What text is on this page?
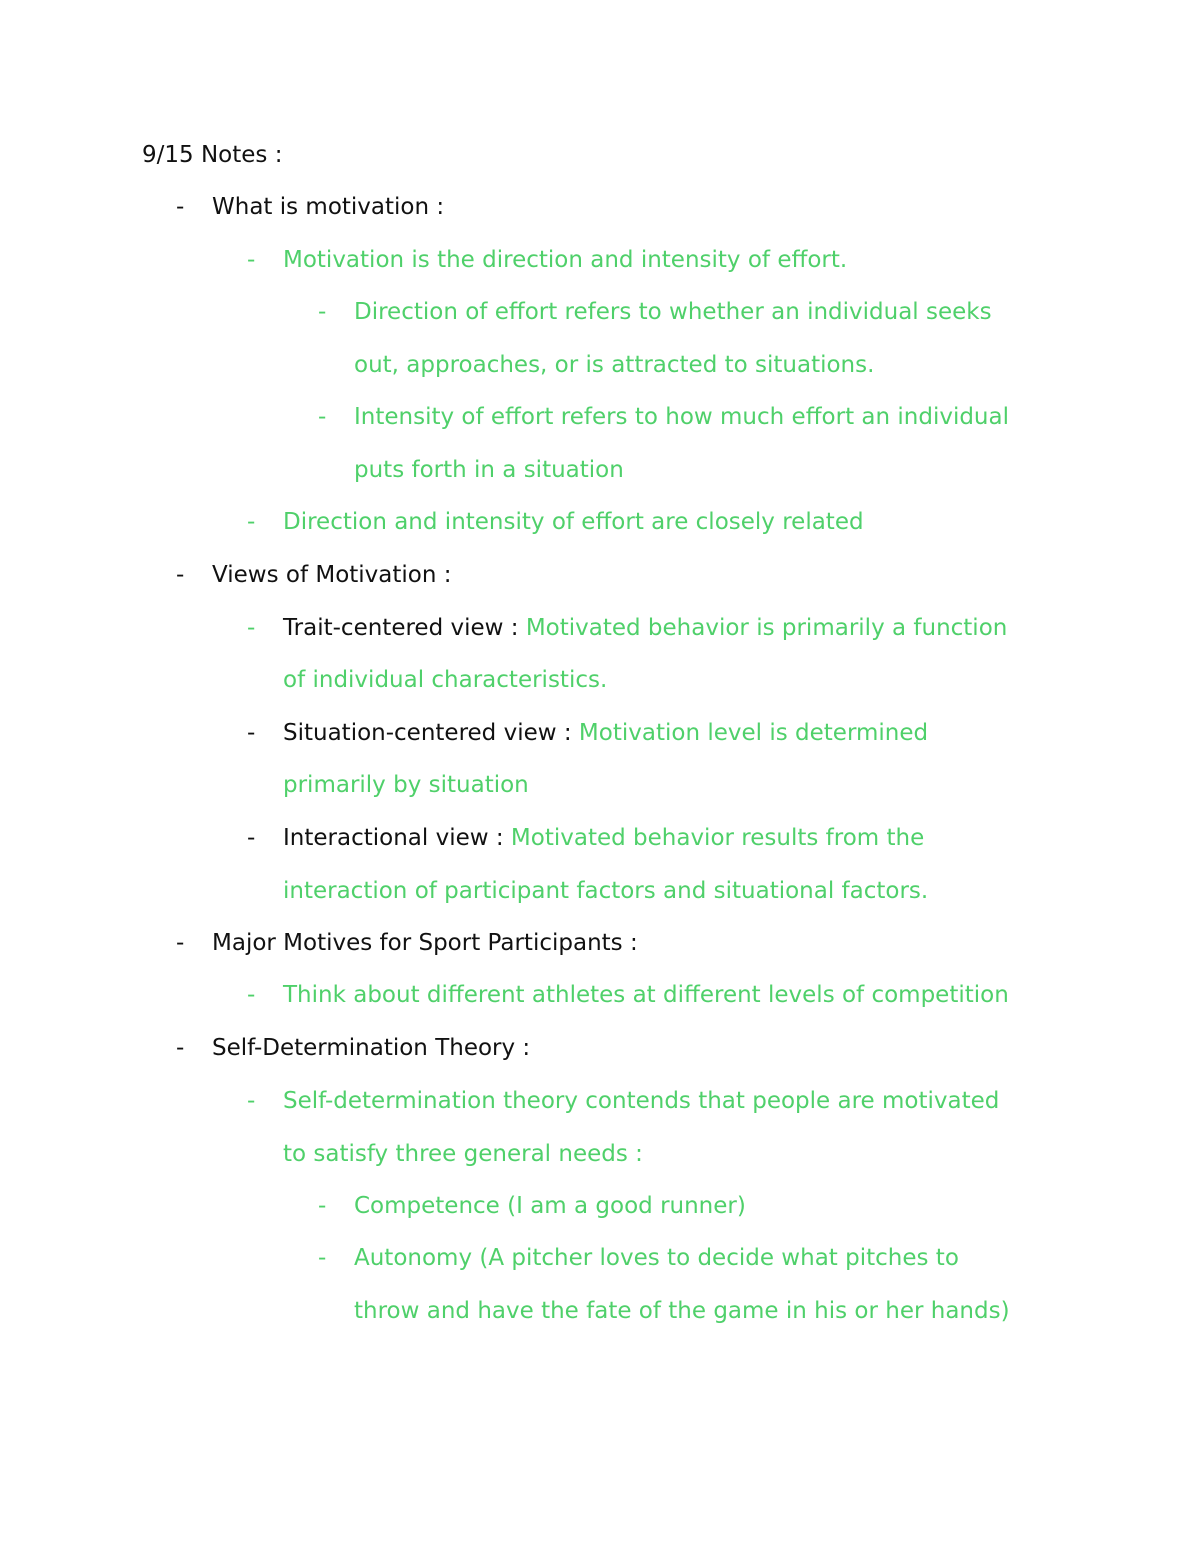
9/15 Notes :
- What is motivation :
- Motivation is the direction and intensity of effort.
- Direction of effort refers to whether an individual seeks
out, approaches, or is attracted to situations.
- Intensity of effort refers to how much effort an individual
puts forth in a situation
- Direction and intensity of effort are closely related
- Views of Motivation :
- Trait-centered view : Motivated behavior is primarily a function
of individual characteristics.
- Situation-centered view : Motivation level is determined
primarily by situation
- Interactional view : Motivated behavior results from the
interaction of participant factors and situational factors.
- Major Motives for Sport Participants :
- Think about different athletes at different levels of competition
- Self-Determination Theory :
- Self-determination theory contends that people are motivated
to satisfy three general needs :
- Competence (I am a good runner)
- Autonomy (A pitcher loves to decide what pitches to
throw and have the fate of the game in his or her hands)
